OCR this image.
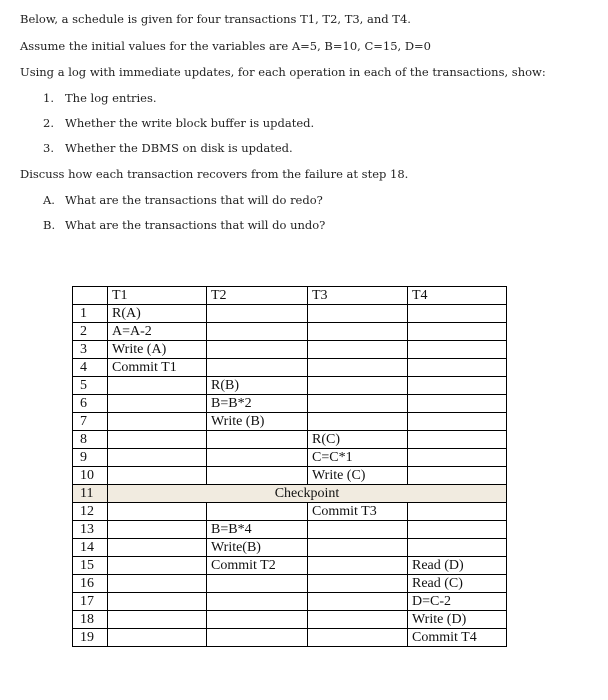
Below, a schedule is given for four transactions T1, T2, T3, and T4.
Assume the initial values for the variables are A=5, B=10, C=15, D=0
Using a log with immediate updates, for each operation in each of the transactions, show:
1. The log entries.
2. Whether the write block buffer is updated.
3. Whether the DBMS on disk is updated.
Discuss how each transaction recovers from the failure at step 18.
A. What are the transactions that will do redo?
B. What are the transactions that will do undo?
	T1	T2	T3	T4
1	R(A)			
2	A=A-2			
3	Write (A)			
4	Commit T1			
5		R(B)		
6		B=B*2		
7		Write (B)		
8			R(C)	
9			C=C*1	
10			Write (C)	
11	Checkpoint			
12			Commit T3	
13		B=B*4		
14		Write(B)		
15		Commit T2		Read (D)
16				Read (C)
17				D=C-2
18				Write (D)
19				Commit T4
